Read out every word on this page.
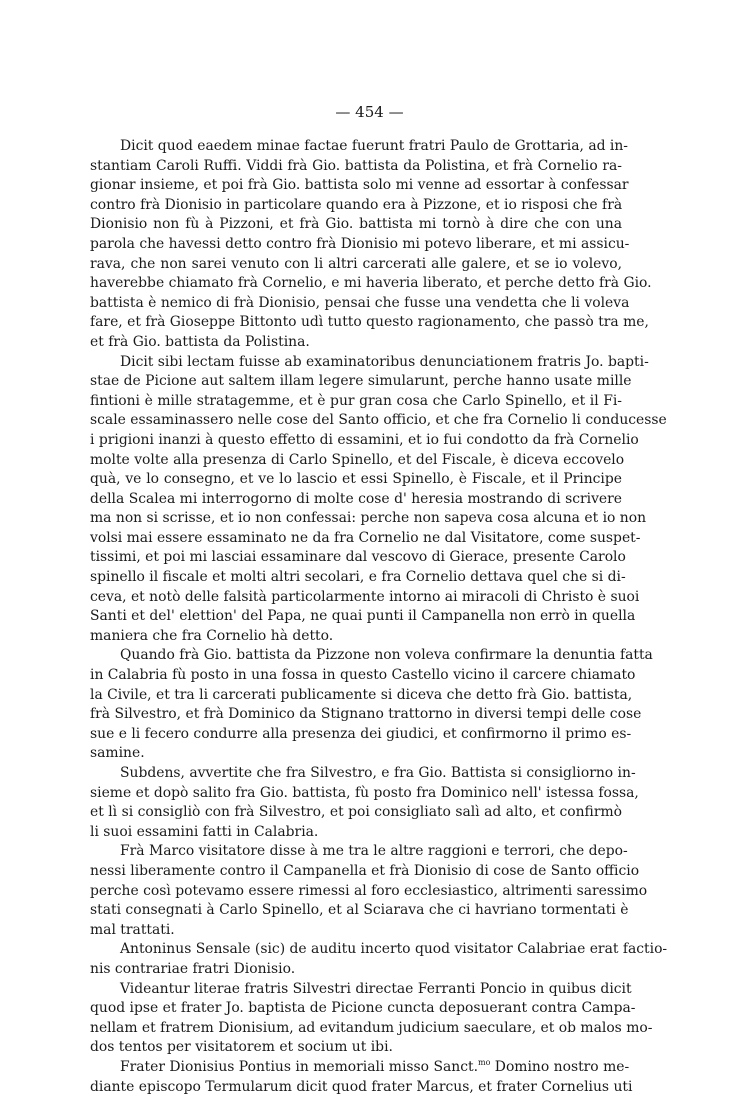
— 454 —
Dicit quod eaedem minae factae fuerunt fratri Paulo de Grottaria, ad in-
stantiam Caroli Ruffi. Viddi frà Gio. battista da Polistina, et frà Cornelio ra-
gionar insieme, et poi frà Gio. battista solo mi venne ad essortar à confessar
contro frà Dionisio in particolare quando era à Pizzone, et io risposi che frà
Dionisio non fù à Pizzoni, et frà Gio. battista mi tornò à dire che con una
parola che havessi detto contro frà Dionisio mi potevo liberare, et mi assicu-
rava, che non sarei venuto con li altri carcerati alle galere, et se io volevo,
haverebbe chiamato frà Cornelio, e mi haveria liberato, et perche detto frà Gio.
battista è nemico di frà Dionisio, pensai che fusse una vendetta che li voleva
fare, et frà Gioseppe Bittonto udì tutto questo ragionamento, che passò tra me,
et frà Gio. battista da Polistina.
Dicit sibi lectam fuisse ab examinatoribus denunciationem fratris Jo. bapti-
stae de Picione aut saltem illam legere simularunt, perche hanno usate mille
fintioni è mille stratagemme, et è pur gran cosa che Carlo Spinello, et il Fi-
scale essaminassero nelle cose del Santo officio, et che fra Cornelio li conducesse
i prigioni inanzi à questo effetto di essamini, et io fui condotto da frà Cornelio
molte volte alla presenza di Carlo Spinello, et del Fiscale, è diceva eccovelo
quà, ve lo consegno, et ve lo lascio et essi Spinello, è Fiscale, et il Principe
della Scalea mi interrogorno di molte cose d' heresia mostrando di scrivere
ma non si scrisse, et io non confessai: perche non sapeva cosa alcuna et io non
volsi mai essere essaminato ne da fra Cornelio ne dal Visitatore, come suspet-
tissimi, et poi mi lasciai essaminare dal vescovo di Gierace, presente Carolo
spinello il fiscale et molti altri secolari, e fra Cornelio dettava quel che si di-
ceva, et notò delle falsità particolarmente intorno ai miracoli di Christo è suoi
Santi et del' elettion' del Papa, ne quai punti il Campanella non errò in quella
maniera che fra Cornelio hà detto.
Quando frà Gio. battista da Pizzone non voleva confirmare la denuntia fatta
in Calabria fù posto in una fossa in questo Castello vicino il carcere chiamato
la Civile, et tra li carcerati publicamente si diceva che detto frà Gio. battista,
frà Silvestro, et frà Dominico da Stignano trattorno in diversi tempi delle cose
sue e li fecero condurre alla presenza dei giudici, et confirmorno il primo es-
samine.
Subdens, avvertite che fra Silvestro, e fra Gio. Battista si consigliorno in-
sieme et dopò salito fra Gio. battista, fù posto fra Dominico nell' istessa fossa,
et lì si consigliò con frà Silvestro, et poi consigliato salì ad alto, et confirmò
li suoi essamini fatti in Calabria.
Frà Marco visitatore disse à me tra le altre raggioni e terrori, che depo-
nessi liberamente contro il Campanella et frà Dionisio di cose de Santo officio
perche così potevamo essere rimessi al foro ecclesiastico, altrimenti saressimo
stati consegnati à Carlo Spinello, et al Sciarava che ci havriano tormentati è
mal trattati.
Antoninus Sensale (sic) de auditu incerto quod visitator Calabriae erat factio-
nis contrariae fratri Dionisio.
Videantur literae fratris Silvestri directae Ferranti Poncio in quibus dicit
quod ipse et frater Jo. baptista de Picione cuncta deposuerant contra Campa-
nellam et fratrem Dionisium, ad evitandum judicium saeculare, et ob malos mo-
dos tentos per visitatorem et socium ut ibi.
Frater Dionisius Pontius in memoriali misso Sanct.$^{mo}$ Domino nostro me-
diante episcopo Termularum dicit quod frater Marcus, et frater Cornelius uti
